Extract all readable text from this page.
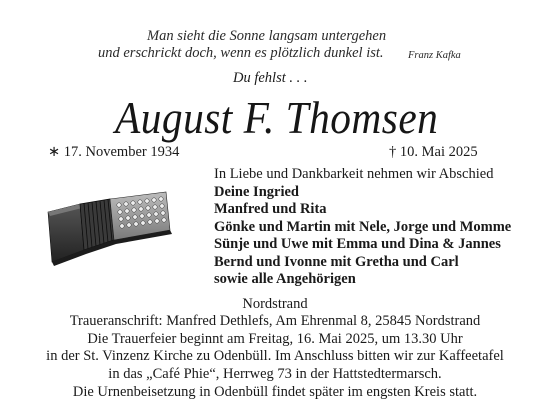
Man sieht die Sonne langsam untergehen
und erschrickt doch, wenn es plötzlich dunkel ist. Franz Kafka
Du fehlst . . .
August F. Thomsen
∗ 17. November 1934	† 10. Mai 2025
In Liebe und Dankbarkeit nehmen wir Abschied
Deine Ingried
Manfred und Rita
Gönke und Martin mit Nele, Jorge und Momme
Sünje und Uwe mit Emma und Dina & Jannes
Bernd und Ivonne mit Gretha und Carl
sowie alle Angehörigen
Nordstrand
Traueranschrift: Manfred Dethlefs, Am Ehrenmal 8, 25845 Nordstrand
Die Trauerfeier beginnt am Freitag, 16. Mai 2025, um 13.30 Uhr
in der St. Vinzenz Kirche zu Odenbüll. Im Anschluss bitten wir zur Kaffeetafel
in das „Café Phie“, Herrweg 73 in der Hattstedtermarsch.
Die Urnenbeisetzung in Odenbüll findet später im engsten Kreis statt.
